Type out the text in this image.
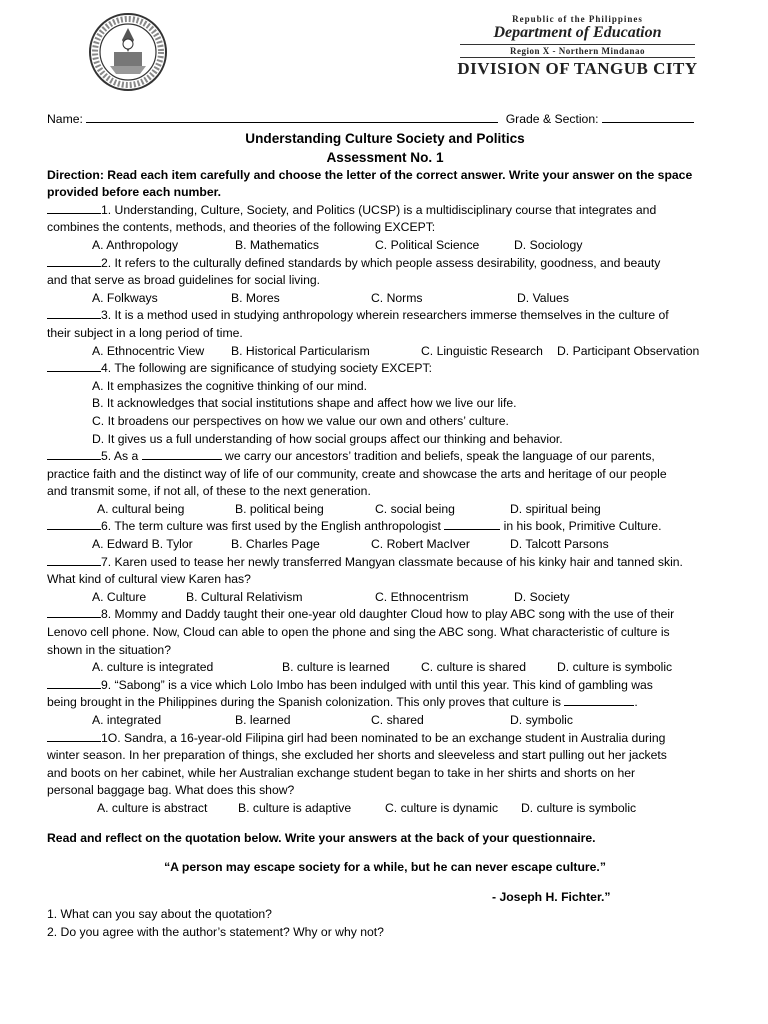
Republic of the Philippines
Department of Education
Region X - Northern Mindanao
DIVISION OF TANGUB CITY
Name:	Grade & Section:
Understanding Culture Society and Politics
Assessment No. 1
Direction: Read each item carefully and choose the letter of the correct answer. Write your answer on the space
provided before each number.
1. Understanding, Culture, Society, and Politics (UCSP) is a multidisciplinary course that integrates and
combines the contents, methods, and theories of the following EXCEPT:
A. Anthropology	B. Mathematics	C. Political Science	D. Sociology
2. It refers to the culturally defined standards by which people assess desirability, goodness, and beauty
and that serve as broad guidelines for social living.
A. Folkways	B. Mores	C. Norms	D. Values
3. It is a method used in studying anthropology wherein researchers immerse themselves in the culture of
their subject in a long period of time.
A. Ethnocentric View B. Historical Particularism	C. Linguistic Research D. Participant Observation
4. The following are significance of studying society EXCEPT:
A. It emphasizes the cognitive thinking of our mind.
B. It acknowledges that social institutions shape and affect how we live our life.
C. It broadens our perspectives on how we value our own and others’ culture.
D. It gives us a full understanding of how social groups affect our thinking and behavior.
5. As a	we carry our ancestors’ tradition and beliefs, speak the language of our parents,
practice faith and the distinct way of life of our community, create and showcase the arts and heritage of our people
and transmit some, if not all, of these to the next generation.
A. cultural being	B. political being	C. social being	D. spiritual being
6. The term culture was first used by the English anthropologist	in his book, Primitive Culture.
A. Edward B. Tylor	B. Charles Page	C. Robert MacIver	D. Talcott Parsons
7. Karen used to tease her newly transferred Mangyan classmate because of his kinky hair and tanned skin.
What kind of cultural view Karen has?
A. Culture	B. Cultural Relativism	C. Ethnocentrism	D. Society
8. Mommy and Daddy taught their one-year old daughter Cloud how to play ABC song with the use of their
Lenovo cell phone. Now, Cloud can able to open the phone and sing the ABC song. What characteristic of culture is
shown in the situation?
A. culture is integrated	B. culture is learned	C. culture is shared	D. culture is symbolic
9. “Sabong” is a vice which Lolo Imbo has been indulged with until this year. This kind of gambling was
being brought in the Philippines during the Spanish colonization. This only proves that culture is	.
A. integrated	B. learned	C. shared	D. symbolic
1O. Sandra, a 16-year-old Filipina girl had been nominated to be an exchange student in Australia during
winter season. In her preparation of things, she excluded her shorts and sleeveless and start pulling out her jackets
and boots on her cabinet, while her Australian exchange student began to take in her shirts and shorts on her
personal baggage bag. What does this show?
A. culture is abstract	B. culture is adaptive	C. culture is dynamic D. culture is symbolic
Read and reflect on the quotation below. Write your answers at the back of your questionnaire.
“A person may escape society for a while, but he can never escape culture.”
- Joseph H. Fichter.”
1. What can you say about the quotation?
2. Do you agree with the author’s statement? Why or why not?
